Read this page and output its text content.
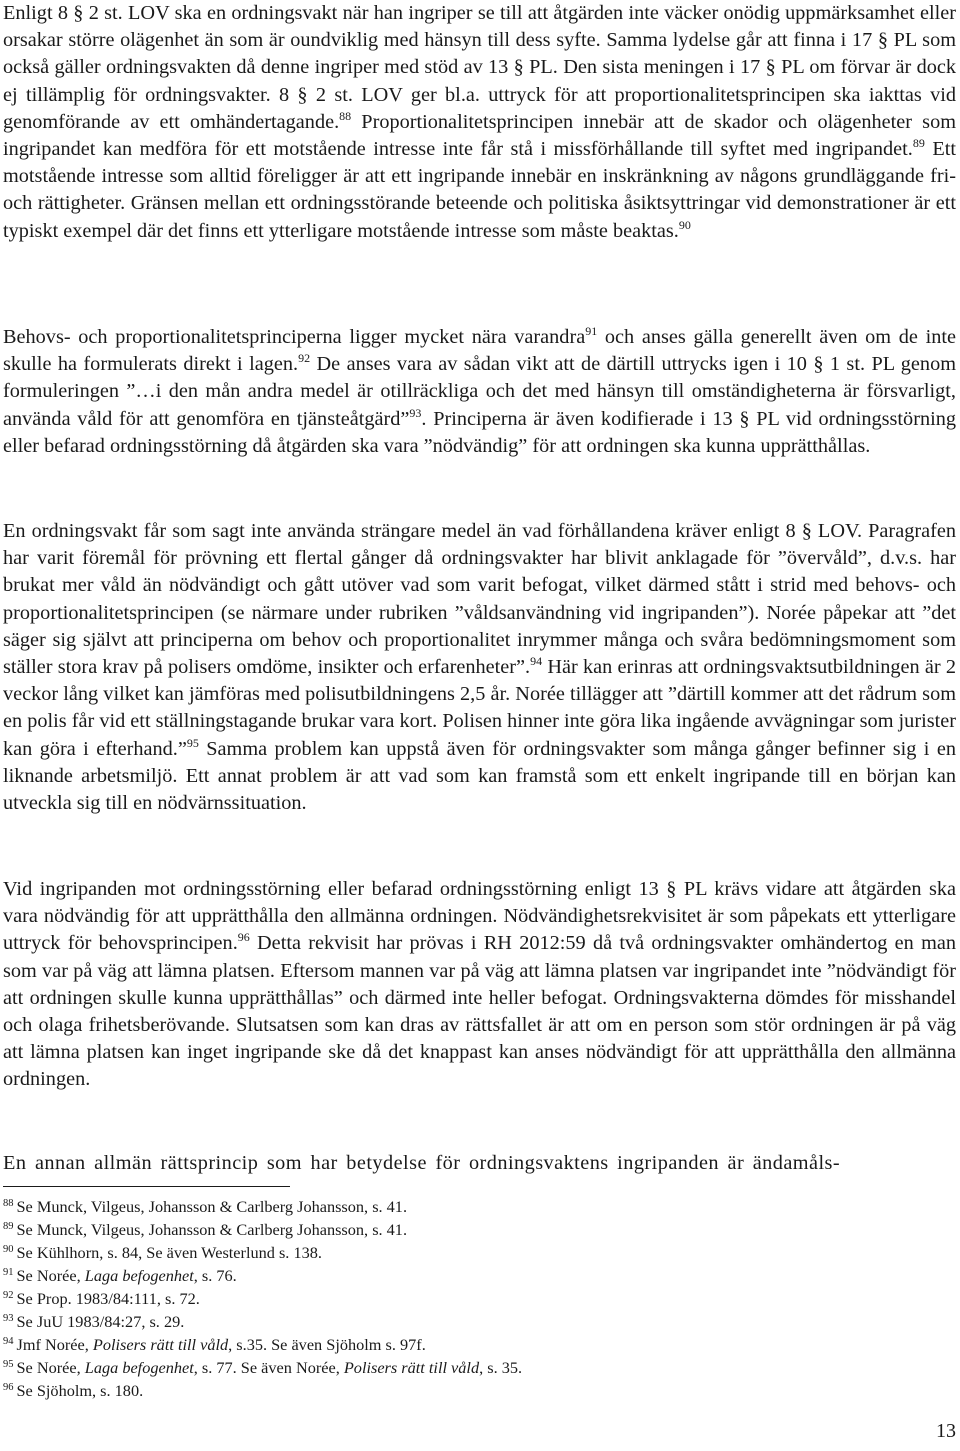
Enligt 8 § 2 st. LOV ska en ordningsvakt när han ingriper se till att åtgärden inte väcker onödig uppmärksamhet eller orsakar större olägenhet än som är oundviklig med hänsyn till dess syfte. Samma lydelse går att finna i 17 § PL som också gäller ordningsvakten då denne ingriper med stöd av 13 § PL. Den sista meningen i 17 § PL om förvar är dock ej tillämplig för ordningsvakter. 8 § 2 st. LOV ger bl.a. uttryck för att proportionalitetsprincipen ska iakttas vid genomförande av ett omhändertagande.$^{88}$ Proportionalitetsprincipen innebär att de skador och olägenheter som ingripandet kan medföra för ett motstående intresse inte får stå i missförhållande till syftet med ingripandet.$^{89}$ Ett motstående intresse som alltid föreligger är att ett ingripande innebär en inskränkning av någons grundläggande fri- och rättigheter. Gränsen mellan ett ordningsstörande beteende och politiska åsiktsyttringar vid demonstrationer är ett typiskt exempel där det finns ett ytterligare motstående intresse som måste beaktas.$^{90}$

Behovs- och proportionalitetsprinciperna ligger mycket nära varandra$^{91}$ och anses gälla generellt även om de inte skulle ha formulerats direkt i lagen.$^{92}$ De anses vara av sådan vikt att de därtill uttrycks igen i 10 § 1 st. PL genom formuleringen ”…i den mån andra medel är otillräckliga och det med hänsyn till omständigheterna är försvarligt, använda våld för att genomföra en tjänsteåtgärd”$^{93}$. Principerna är även kodifierade i 13 § PL vid ordningsstörning eller befarad ordningsstörning då åtgärden ska vara ”nödvändig” för att ordningen ska kunna upprätthållas.

En ordningsvakt får som sagt inte använda strängare medel än vad förhållandena kräver enligt 8 § LOV. Paragrafen har varit föremål för prövning ett flertal gånger då ordningsvakter har blivit anklagade för ”övervåld”, d.v.s. har brukat mer våld än nödvändigt och gått utöver vad som varit befogat, vilket därmed stått i strid med behovs- och proportionalitetsprincipen (se närmare under rubriken ”våldsanvändning vid ingripanden”). Norée påpekar att ”det säger sig självt att principerna om behov och proportionalitet inrymmer många och svåra bedömningsmoment som ställer stora krav på polisers omdöme, insikter och erfarenheter”.$^{94}$ Här kan erinras att ordningsvaktsutbildningen är 2 veckor lång vilket kan jämföras med polisutbildningens 2,5 år. Norée tillägger att ”därtill kommer att det rådrum som en polis får vid ett ställningstagande brukar vara kort. Polisen hinner inte göra lika ingående avvägningar som jurister kan göra i efterhand.”$^{95}$ Samma problem kan uppstå även för ordningsvakter som många gånger befinner sig i en liknande arbetsmiljö. Ett annat problem är att vad som kan framstå som ett enkelt ingripande till en början kan utveckla sig till en nödvärnssituation.

Vid ingripanden mot ordningsstörning eller befarad ordningsstörning enligt 13 § PL krävs vidare att åtgärden ska vara nödvändig för att upprätthålla den allmänna ordningen. Nödvändighetsrekvisitet är som påpekats ett ytterligare uttryck för behovsprincipen.$^{96}$ Detta rekvisit har prövas i RH 2012:59 då två ordningsvakter omhändertog en man som var på väg att lämna platsen. Eftersom mannen var på väg att lämna platsen var ingripandet inte ”nödvändigt för att ordningen skulle kunna upprätthållas” och därmed inte heller befogat. Ordningsvakterna dömdes för misshandel och olaga frihetsberövande. Slutsatsen som kan dras av rättsfallet är att om en person som stör ordningen är på väg att lämna platsen kan inget ingripande ske då det knappast kan anses nödvändigt för att upprätthålla den allmänna ordningen.

En annan allmän rättsprincip som har betydelse för ordningsvaktens ingripanden är ändamåls-

$^{88}$ Se Munck, Vilgeus, Johansson & Carlberg Johansson, s. 41.
$^{89}$ Se Munck, Vilgeus, Johansson & Carlberg Johansson, s. 41.
$^{90}$ Se Kühlhorn, s. 84, Se även Westerlund s. 138.
$^{91}$ Se Norée, Laga befogenhet, s. 76.
$^{92}$ Se Prop. 1983/84:111, s. 72.
$^{93}$ Se JuU 1983/84:27, s. 29.
$^{94}$ Jmf Norée, Polisers rätt till våld, s.35. Se även Sjöholm s. 97f.
$^{95}$ Se Norée, Laga befogenhet, s. 77. Se även Norée, Polisers rätt till våld, s. 35.
$^{96}$ Se Sjöholm, s. 180.
13
